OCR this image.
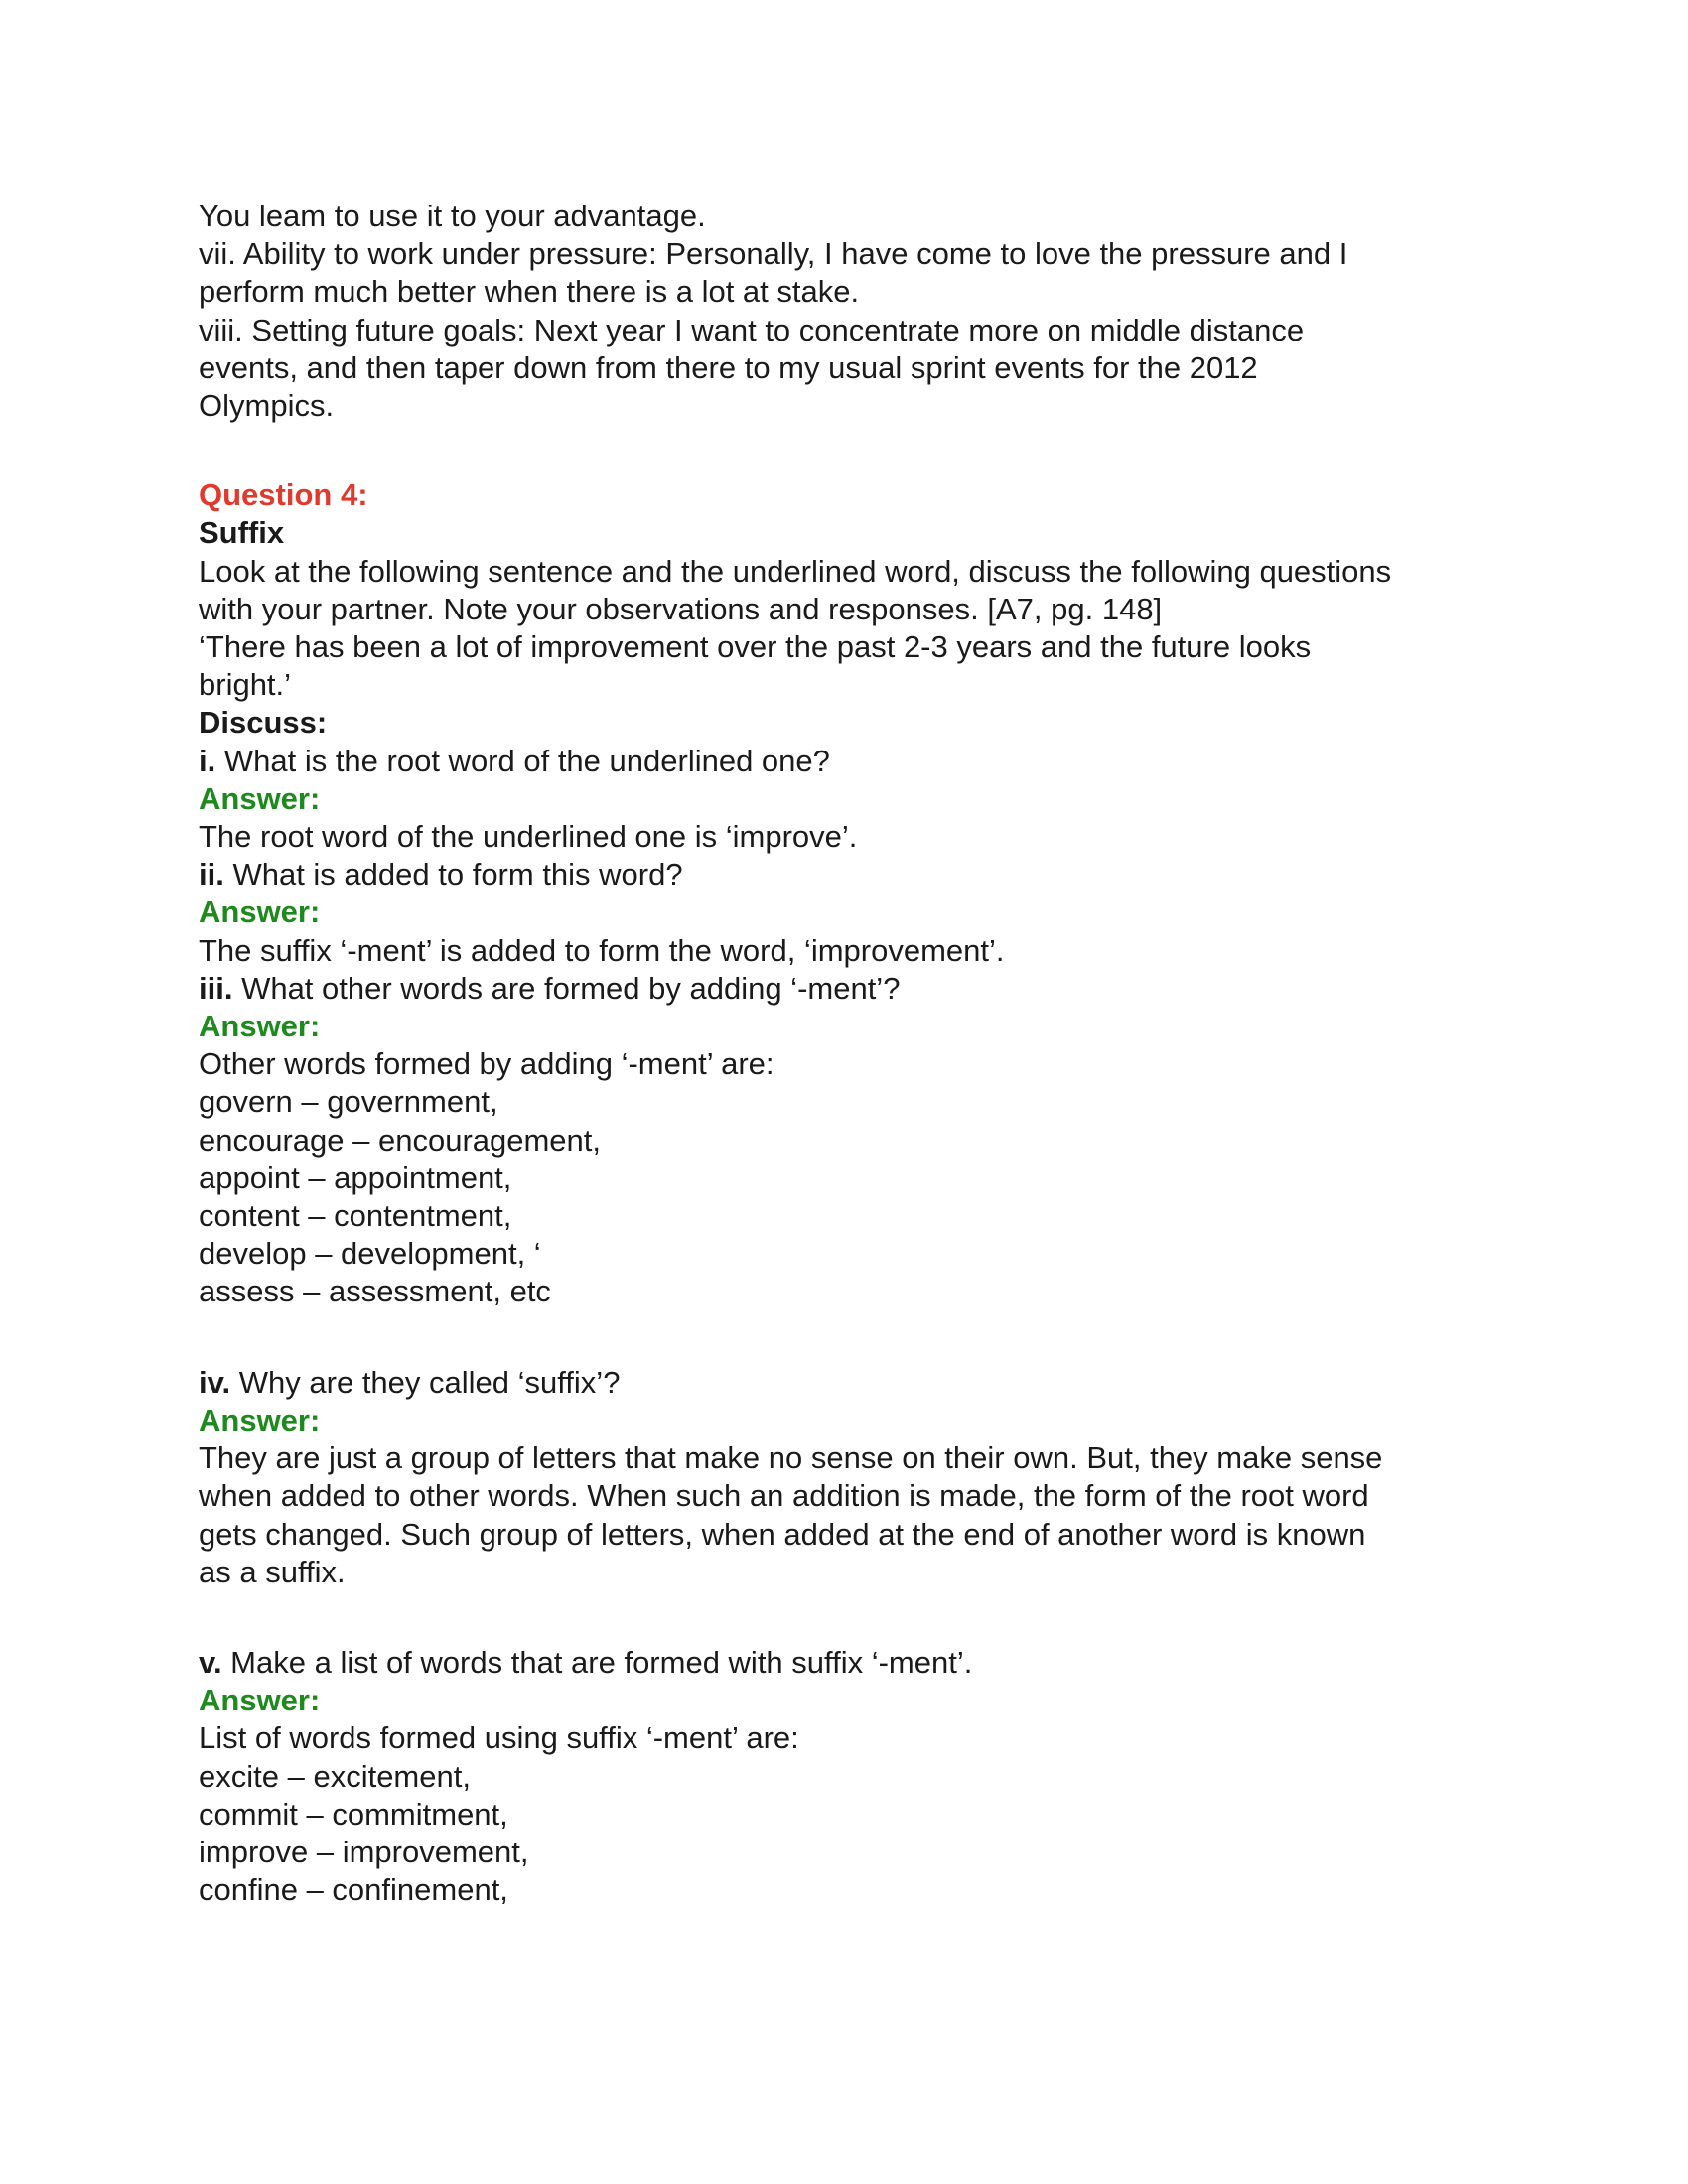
You leam to use it to your advantage.
vii. Ability to work under pressure: Personally, I have come to love the pressure and I
perform much better when there is a lot at stake.
viii. Setting future goals: Next year I want to concentrate more on middle distance
events, and then taper down from there to my usual sprint events for the 2012
Olympics.
Question 4:
Suffix
Look at the following sentence and the underlined word, discuss the following questions
with your partner. Note your observations and responses. [A7, pg. 148]
‘There has been a lot of improvement over the past 2-3 years and the future looks
bright.’
Discuss:
i. What is the root word of the underlined one?
Answer:
The root word of the underlined one is ‘improve’.
ii. What is added to form this word?
Answer:
The suffix ‘-ment’ is added to form the word, ‘improvement’.
iii. What other words are formed by adding ‘-ment’?
Answer:
Other words formed by adding ‘-ment’ are:
govern – government,
encourage – encouragement,
appoint – appointment,
content – contentment,
develop – development, ‘
assess – assessment, etc
iv. Why are they called ‘suffix’?
Answer:
They are just a group of letters that make no sense on their own. But, they make sense
when added to other words. When such an addition is made, the form of the root word
gets changed. Such group of letters, when added at the end of another word is known
as a suffix.
v. Make a list of words that are formed with suffix ‘-ment’.
Answer:
List of words formed using suffix ‘-ment’ are:
excite – excitement,
commit – commitment,
improve – improvement,
confine – confinement,
